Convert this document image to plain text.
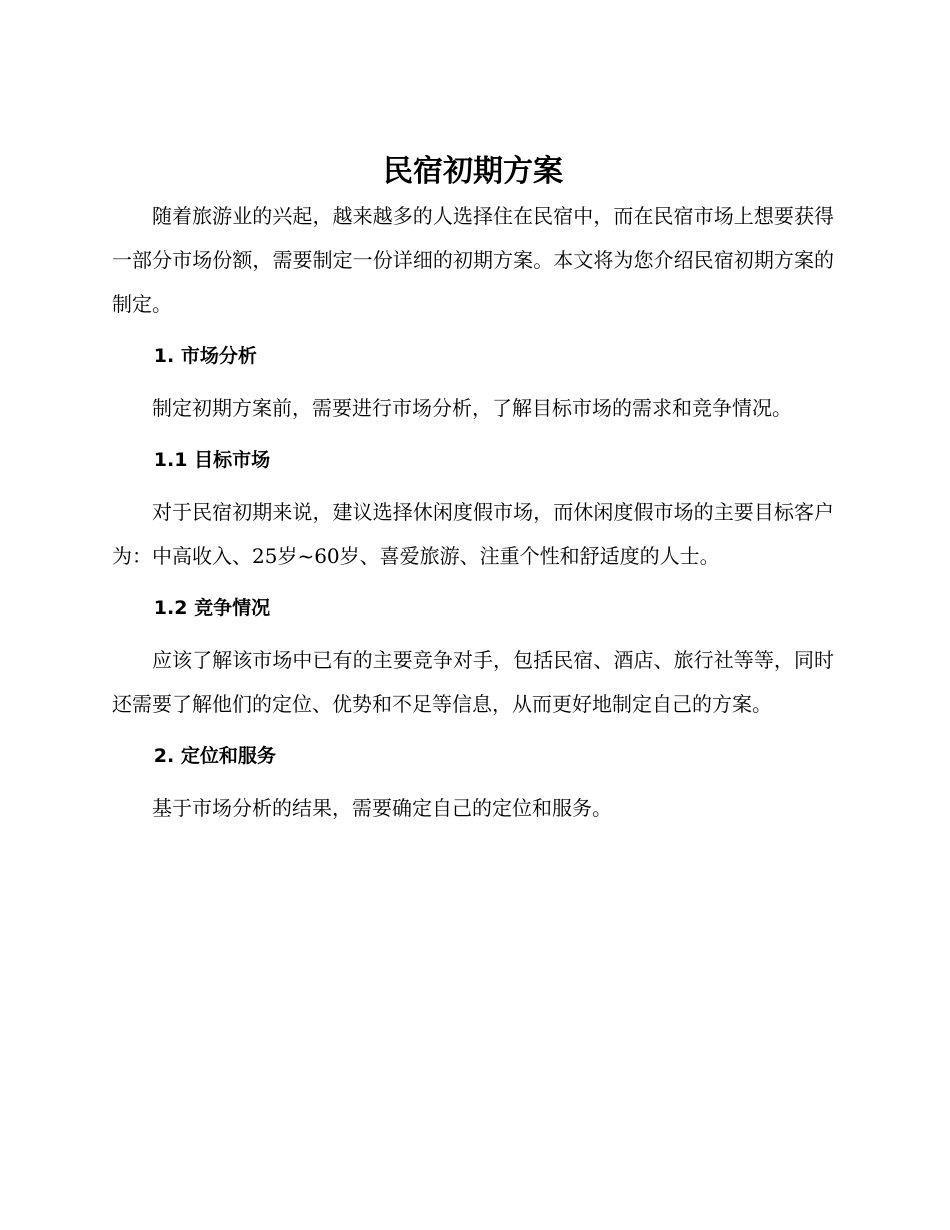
民宿初期方案

随着旅游业的兴起，越来越多的人选择住在民宿中，而在民宿市场上想要获得一部分市场份额，需要制定一份详细的初期方案。本文将为您介绍民宿初期方案的制定。

1. 市场分析

制定初期方案前，需要进行市场分析，了解目标市场的需求和竞争情况。

1.1 目标市场

对于民宿初期来说，建议选择休闲度假市场，而休闲度假市场的主要目标客户为：中高收入、25岁~60岁、喜爱旅游、注重个性和舒适度的人士。

1.2 竞争情况

应该了解该市场中已有的主要竞争对手，包括民宿、酒店、旅行社等等，同时还需要了解他们的定位、优势和不足等信息，从而更好地制定自己的方案。

2. 定位和服务

基于市场分析的结果，需要确定自己的定位和服务。
